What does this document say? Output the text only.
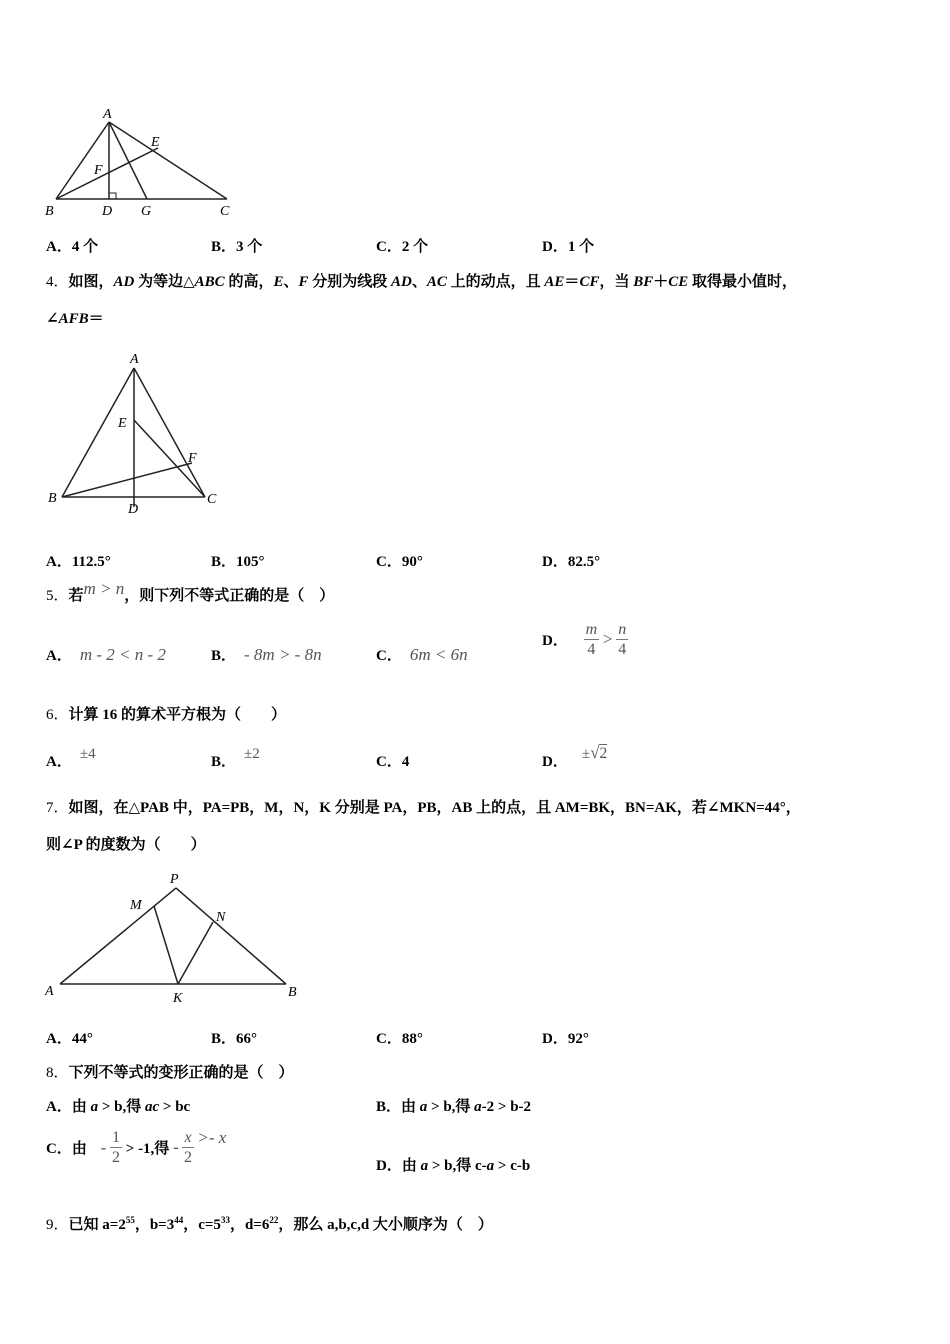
A
E
F
B	D G	C
A．4 个	B．3 个	C．2 个	D．1 个
4．如图，AD 为等边△ABC 的高，E、F 分别为线段 AD、AC 上的动点，且 AE＝CF，当 BF＋CE 取得最小值时，
∠AFB＝
A
E
F
B
D
C
A．112.5°	B．105°	C．90°	D．82.5°
5．若m > n，则下列不等式正确的是（　）
A． m - 2 < n - 2	B． - 8m > - 8n	C． 6m < 6n
D． $\frac{m}{4} > \frac{n}{4}$
6．计算 16 的算术平方根为（　　）
A． ±4	B． ±2	C．4	D． ±√2
7．如图，在△PAB 中，PA=PB，M，N，K 分别是 PA，PB，AB 上的点，且 AM=BK，BN=AK，若∠MKN=44°，
则∠P 的度数为（　　）
P
M
N
A	K	B
A．44°	B．66°	C．88°	D．92°
8．下列不等式的变形正确的是（　）
A．由 a > b,得 ac > bc	B．由 a > b,得 a-2 > b-2
C．由 - $\frac{1}{2} > -1$,得 - $\frac{x}{2} >- x$
D．由 a > b,得 c-a > c-b
9．已知 $a=2^{55}$，$b=3^{44}$，$c=5^{33}$，$d=6^{22}$，那么 a,b,c,d 大小顺序为（　）
